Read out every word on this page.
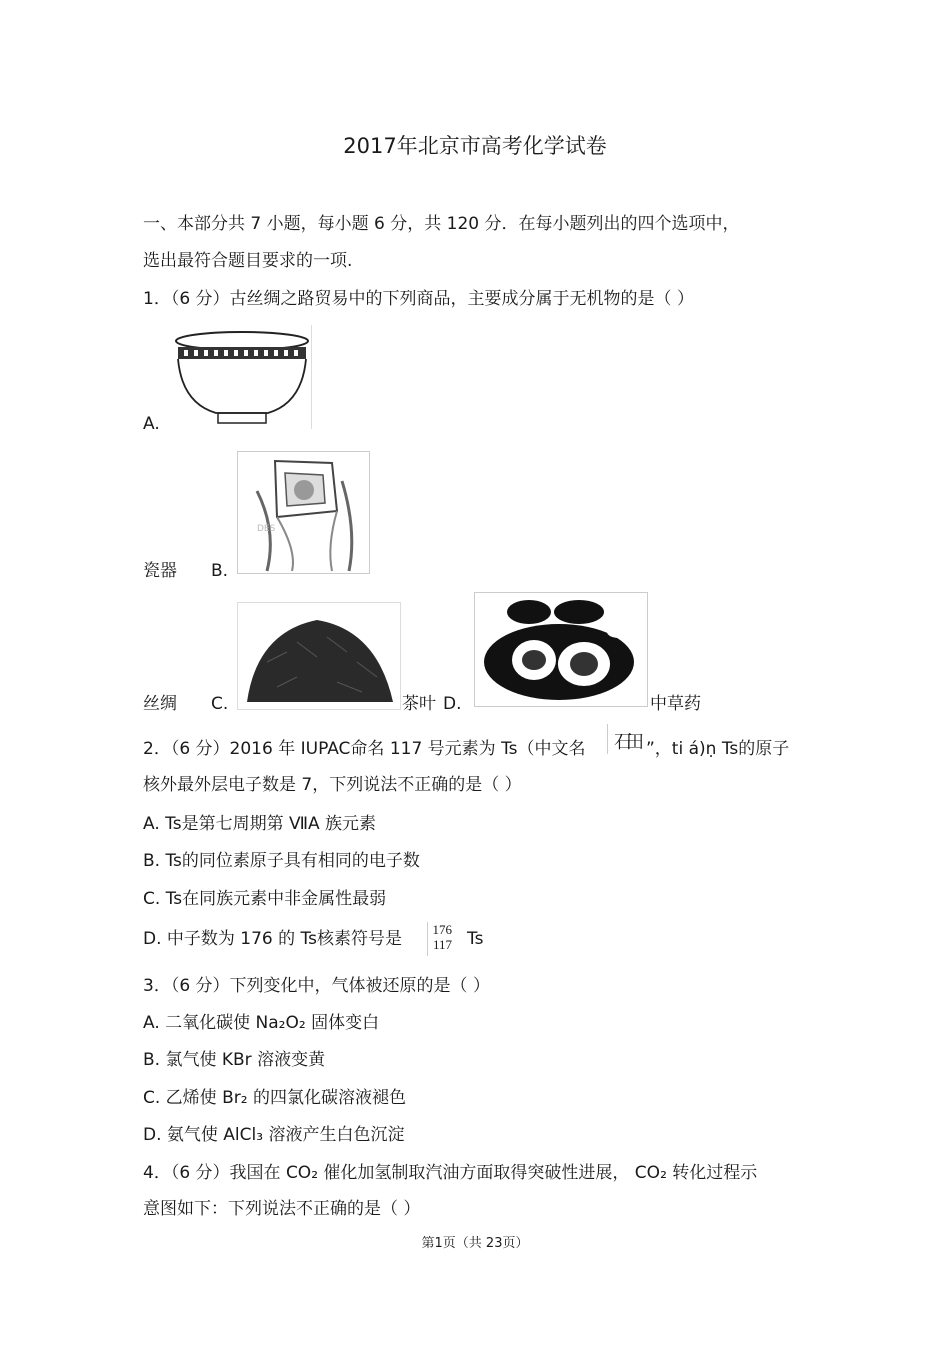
2017年北京市高考化学试卷
一、本部分共 7 小题，每小题 6 分，共 120 分．在每小题列出的四个选项中，
选出最符合题目要求的一项.
1．（6 分）古丝绸之路贸易中的下列商品，主要成分属于无机物的是（ ）
A.
瓷器 B.
DES
丝绸 C.	茶叶 D.	中草药
2．（6 分）2016 年 IUPAC命名 117 号元素为 Ts（中文名 石田 ”，ti á)ṇ Ts的原子
核外最外层电子数是 7，下列说法不正确的是（ ）
A. Ts是第七周期第 ⅦA 族元素
B. Ts的同位素原子具有相同的电子数
C. Ts在同族元素中非金属性最弱
D. 中子数为 176 的 Ts核素符号是 176
117 Ts
3．（6 分）下列变化中，气体被还原的是（ ）
A. 二氧化碳使 Na₂O₂ 固体变白
B. 氯气使 KBr 溶液变黄
C. 乙烯使 Br₂ 的四氯化碳溶液褪色
D. 氨气使 AlCl₃ 溶液产生白色沉淀
4．（6 分）我国在 CO₂ 催化加氢制取汽油方面取得突破性进展， CO₂ 转化过程示
意图如下：下列说法不正确的是（ ）
第1页（共 23页）
